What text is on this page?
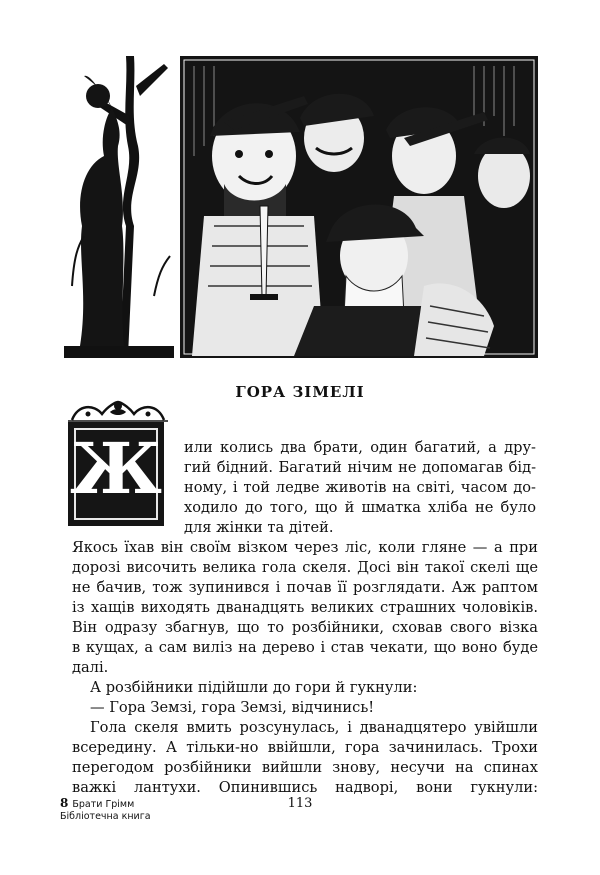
ГОРА ЗІМЕЛІ
Ж или колись два брати, один багатий, а дру-
гий бідний. Багатий нічим не допомагав бід-
ному, і той ледве животів на світі, часом до-
ходило до того, що й шматка хліба не було
для жінки та дітей.
Якось їхав він своїм візком через ліс, коли гляне — а при
дорозі височить велика гола скеля. Досі він такої скелі ще
не бачив, тож зупинився і почав її розглядати. Аж раптом
із хащів виходять дванадцять великих страшних чоловіків.
Він одразу збагнув, що то розбійники, сховав свого візка
в кущах, а сам виліз на дерево і став чекати, що воно буде
далі.
А розбійники підійшли до гори й гукнули:
— Гора Земзі, гора Земзі, відчинись!
Гола скеля вмить розсунулась, і дванадцятеро увійшли
всередину. А тільки-но ввійшли, гора зачинилась. Трохи
перегодом розбійники вийшли знову, несучи на спинах
важкі лантухи. Опинившись надворі, вони гукнули:
8 Брати Грімм
Бібліотечна книга
113
